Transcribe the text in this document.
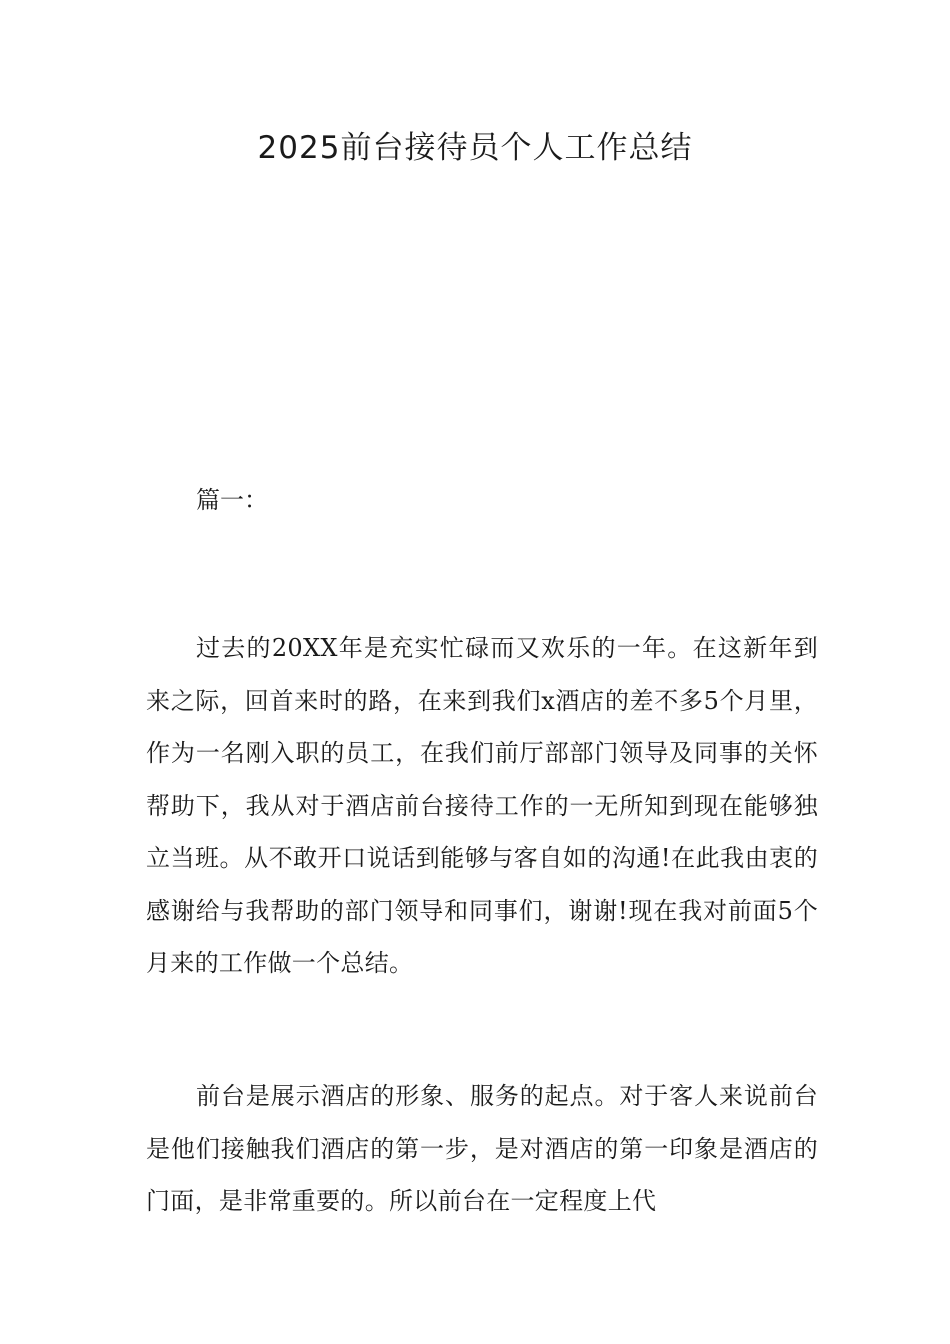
2025前台接待员个人工作总结

篇一：

过去的20XX年是充实忙碌而又欢乐的一年。在这新年到来之际，回首来时的路，在来到我们x酒店的差不多5个月里，作为一名刚入职的员工，在我们前厅部部门领导及同事的关怀帮助下，我从对于酒店前台接待工作的一无所知到现在能够独立当班。从不敢开口说话到能够与客自如的沟通!在此我由衷的感谢给与我帮助的部门领导和同事们，谢谢!现在我对前面5个月来的工作做一个总结。

前台是展示酒店的形象、服务的起点。对于客人来说前台是他们接触我们酒店的第一步，是对酒店的第一印象是酒店的门面，是非常重要的。所以前台在一定程度上代
